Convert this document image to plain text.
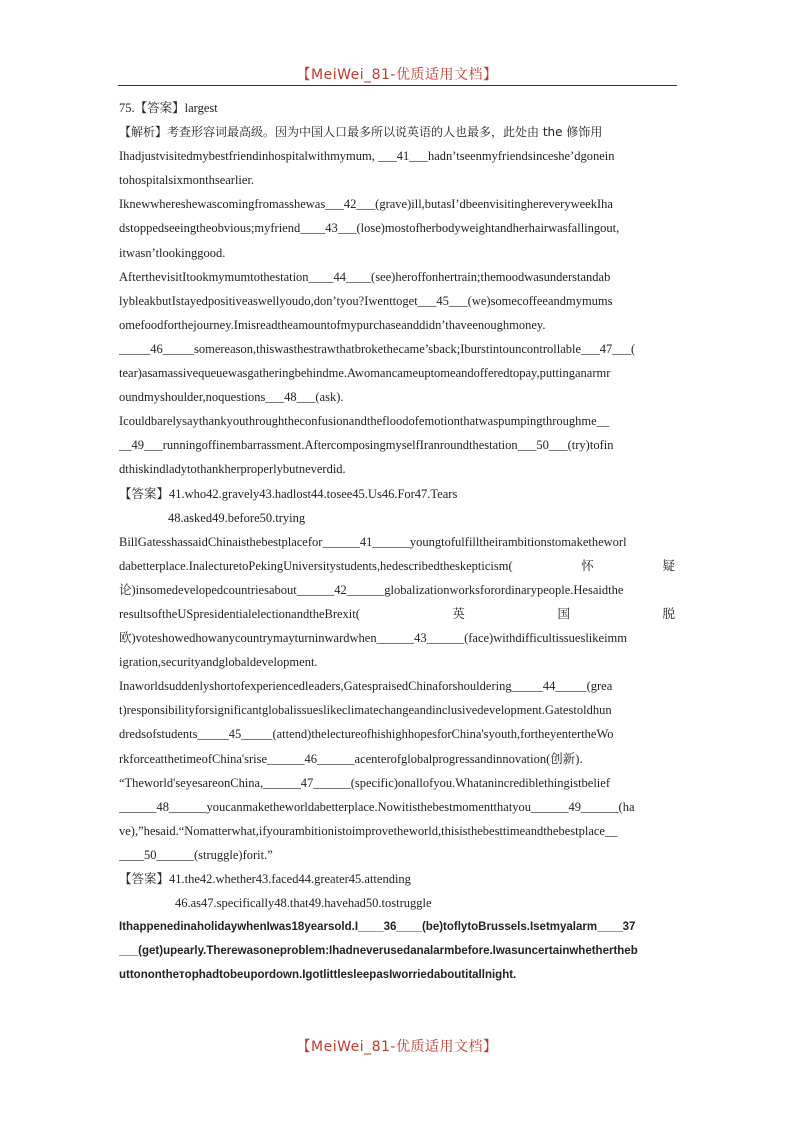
【MeiWei_81-优质适用文档】
75.【答案】largest
【解析】考查形容词最高级。因为中国人口最多所以说英语的人也最多，此处由 the 修饰用
Ihadjustvisitedmybestfriendinhospitalwithmymum, ___41___hadn’tseenmyfriendsinceshe’dgonein
tohospitalsixmonthsearlier.
Iknewwhereshewascomingfromasshewas___42___(grave)ill,butasI’dbeenvisitinghereveryweekIha
dstoppedseeingtheobvious;myfriend____43___(lose)mostofherbodyweightandherhairwasfallingout,
itwasn’tlookinggood.
AfterthevisitItookmymumtothestation____44____(see)heroffonhertrain;themoodwasunderstandab
lybleakbutIstayedpositiveaswellyoudo,don’tyou?Iwenttoget___45___(we)somecoffeeandmymums
omefoodforthejourney.Imisreadtheamountofmypurchaseanddidn’thaveenoughmoney.
_____46_____somereason,thiswasthestrawthatbrokethecame’sback;Iburstintouncontrollable___47___(
tear)asamassivequeuewasgatheringbehindme.Awomancameuptomeandofferedtopay,puttinganarmr
oundmyshoulder,noquestions___48___(ask).
Icouldbarelysaythankyouthroughtheconfusionandthefloodofemotionthatwaspumpingthroughme__
__49___runningoffinembarrassment.AftercomposingmyselfIranroundthestation___50___(try)tofin
dthiskindladytothankherproperlybutneverdid.
【答案】41.who42.gravely43.hadlost44.tosee45.Us46.For47.Tears
48.asked49.before50.trying
BillGatesshassaidChinaisthebestplacefor______41______youngtofulfilltheirambitionstomaketheworl
dabetterplace.InalecturetoPekingUniversitystudents,hedescribedtheskepticism(	怀	疑
论)insomedevelopedcountriesabout______42______globalizationworksforordinarypeople.Hesaidthe
resultsoftheUSpresidentialelectionandtheBrexit(	英	国	脱
欧)voteshowedhowanycountrymayturninwardwhen______43______(face)withdifficultissueslikeimm
igration,securityandglobaldevelopment.
Inaworldsuddenlyshortofexperiencedleaders,GatespraisedChinaforshouldering_____44_____(grea
t)responsibilityforsignificantglobalissueslikeclimatechangeandinclusivedevelopment.Gatestoldhun
dredsofstudents_____45_____(attend)thelectureofhishighhopesforChina'syouth,fortheyentertheWo
rkforceatthetimeofChina'srise______46______acenterofglobalprogressandinnovation(创新).
“Theworld'seyesareonChina,______47______(specific)onallofyou.Whatanincrediblethingistbelief
______48______youcanmaketheworldabetterplace.Nowitisthebestmomentthatyou______49______(ha
ve),”hesaid.“Nomatterwhat,ifyourambitionistoimprovetheworld,thisisthebesttimeandthebestplace__
____50______(struggle)forit.”
【答案】41.the42.whether43.faced44.greater45.attending
46.as47.specifically48.that49.havehad50.tostruggle
IthappenedinaholidaywhenIwas18yearsold.I____36____(be)toflytoBrussels.Isetmyalarm____37
___(get)upearly.Therewasoneproblem:Ihadneverusedanalarmbefore.Iwasuncertainwhetherthеb
uttonontheтophadtobeupordown.IgotlittlesleepasIworriedaboutitallnight.
【MeiWei_81-优质适用文档】
